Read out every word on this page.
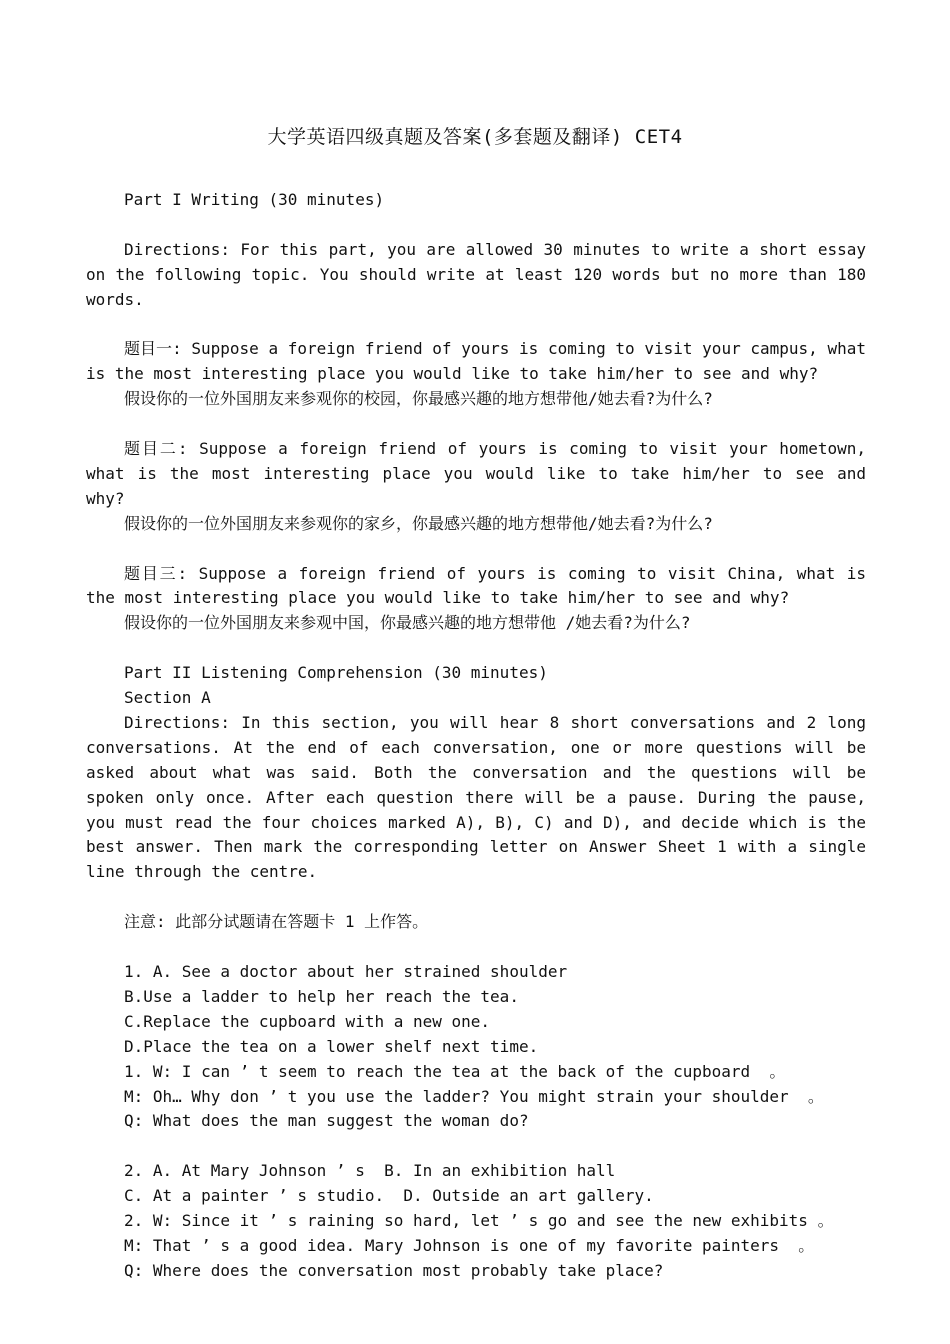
大学英语四级真题及答案(多套题及翻译) CET4

Part I Writing (30 minutes)

Directions: For this part, you are allowed 30 minutes to write a short essay on the following topic. You should write at least 120 words but no more than 180 words.

题目一: Suppose a foreign friend of yours is coming to visit your campus, what is the most interesting place you would like to take him/her to see and why?

假设你的一位外国朋友来参观你的校园，你最感兴趣的地方想带他/她去看?为什么?

题目二: Suppose a foreign friend of yours is coming to visit your hometown, what is the most interesting place you would like to take him/her to see and why?

假设你的一位外国朋友来参观你的家乡，你最感兴趣的地方想带他/她去看?为什么?

题目三: Suppose a foreign friend of yours is coming to visit China, what is the most interesting place you would like to take him/her to see and why?

假设你的一位外国朋友来参观中国，你最感兴趣的地方想带他 /她去看?为什么?

Part II Listening Comprehension (30 minutes)

Section A

Directions: In this section, you will hear 8 short conversations and 2 long conversations. At the end of each conversation, one or more questions will be asked about what was said. Both the conversation and the questions will be spoken only once. After each question there will be a pause. During the pause, you must read the four choices marked A), B), C) and D), and decide which is the best answer. Then mark the corresponding letter on Answer Sheet 1 with a single line through the centre.

注意: 此部分试题请在答题卡 1 上作答。

1. A. See a doctor about her strained shoulder
B.Use a ladder to help her reach the tea.
C.Replace the cupboard with a new one.
D.Place the tea on a lower shelf next time.
1. W: I can ’ t seem to reach the tea at the back of the cupboard  。
M: Oh… Why don ’ t you use the ladder? You might strain your shoulder  。
Q: What does the man suggest the woman do?
2. A. At Mary Johnson ’ s  B. In an exhibition hall
C. At a painter ’ s studio.  D. Outside an art gallery.
2. W: Since it ’ s raining so hard, let ’ s go and see the new exhibits 。
M: That ’ s a good idea. Mary Johnson is one of my favorite painters  。
Q: Where does the conversation most probably take place?
